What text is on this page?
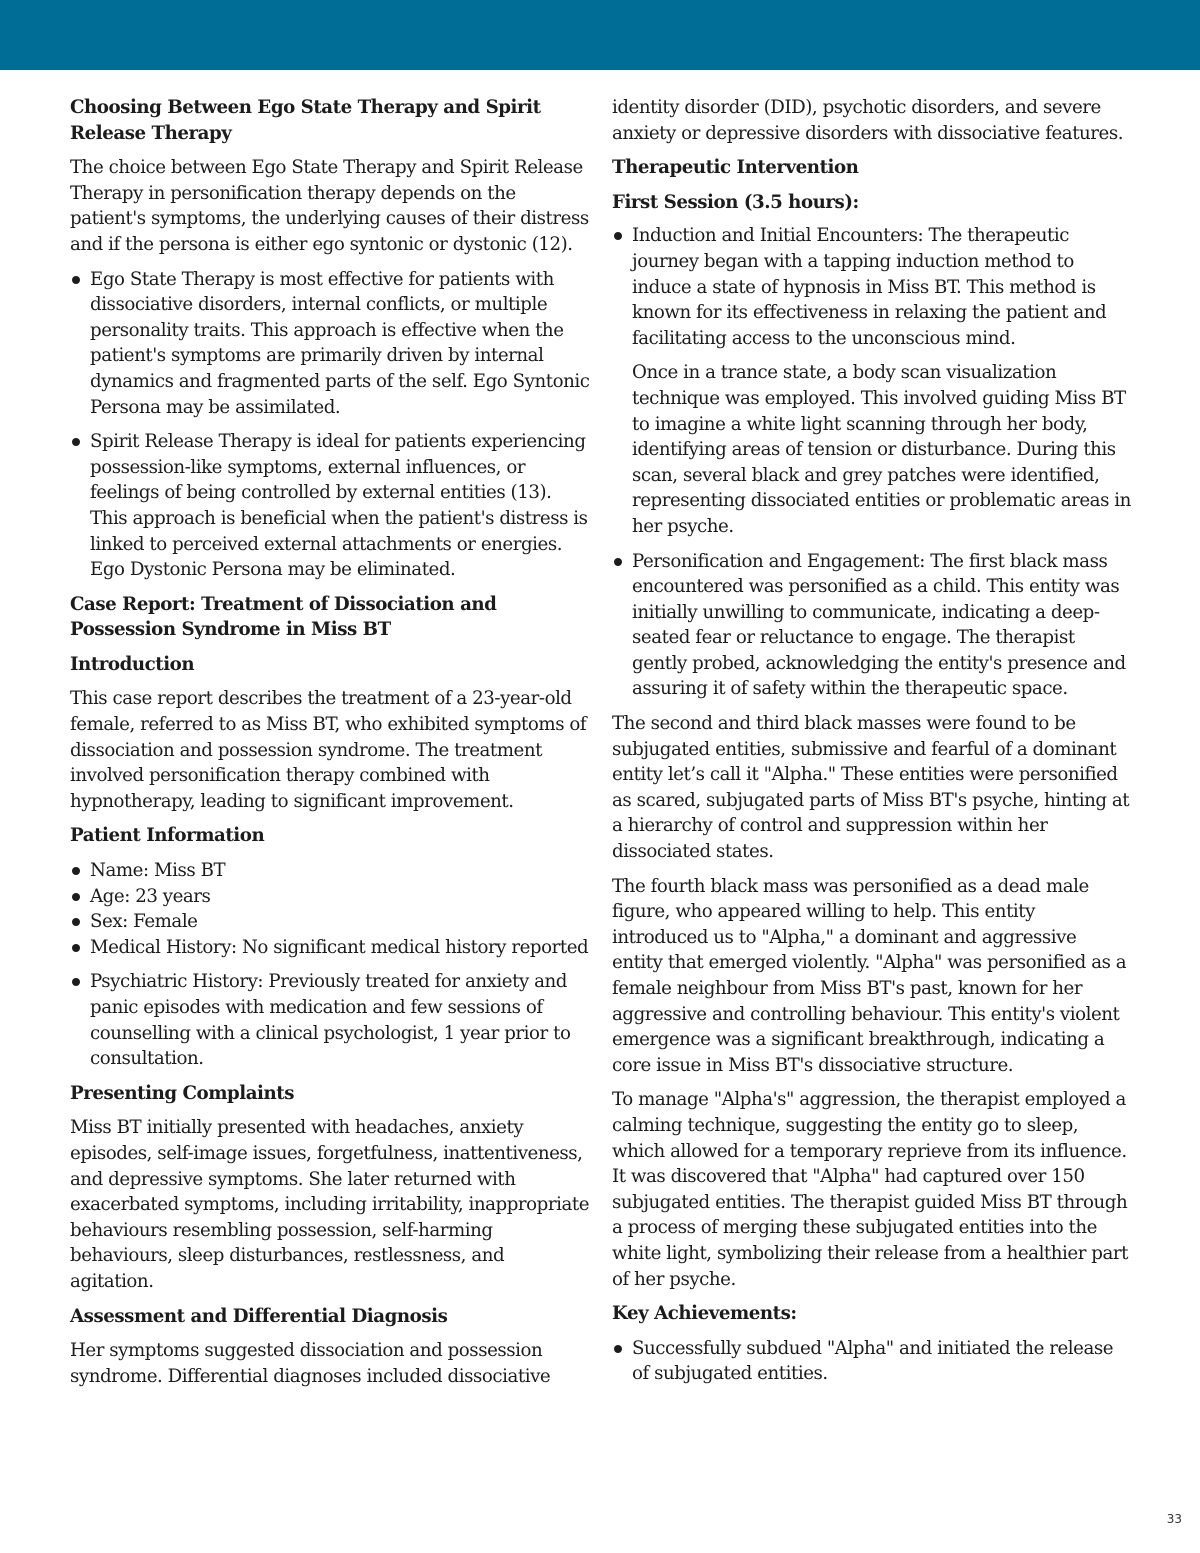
Choosing Between Ego State Therapy and Spirit Release Therapy

The choice between Ego State Therapy and Spirit Release Therapy in personification therapy depends on the patient's symptoms, the underlying causes of their distress and if the persona is either ego syntonic or dystonic (12).

Ego State Therapy is most effective for patients with dissociative disorders, internal conflicts, or multiple personality traits. This approach is effective when the patient's symptoms are primarily driven by internal dynamics and fragmented parts of the self. Ego Syntonic Persona may be assimilated.
Spirit Release Therapy is ideal for patients experiencing possession-like symptoms, external influences, or feelings of being controlled by external entities (13). This approach is beneficial when the patient's distress is linked to perceived external attachments or energies. Ego Dystonic Persona may be eliminated.
Case Report: Treatment of Dissociation and Possession Syndrome in Miss BT
Introduction

This case report describes the treatment of a 23-year-old female, referred to as Miss BT, who exhibited symptoms of dissociation and possession syndrome. The treatment involved personification therapy combined with hypnotherapy, leading to significant improvement.

Patient Information
Name: Miss BT
Age: 23 years
Sex: Female
Medical History: No significant medical history reported
Psychiatric History: Previously treated for anxiety and panic episodes with medication and few sessions of counselling with a clinical psychologist, 1 year prior to consultation.
Presenting Complaints

Miss BT initially presented with headaches, anxiety episodes, self-image issues, forgetfulness, inattentiveness, and depressive symptoms. She later returned with exacerbated symptoms, including irritability, inappropriate behaviours resembling possession, self-harming behaviours, sleep disturbances, restlessness, and agitation.

Assessment and Differential Diagnosis

Her symptoms suggested dissociation and possession syndrome. Differential diagnoses included dissociative

identity disorder (DID), psychotic disorders, and severe anxiety or depressive disorders with dissociative features.

Therapeutic Intervention
First Session (3.5 hours):
Induction and Initial Encounters: The therapeutic journey began with a tapping induction method to induce a state of hypnosis in Miss BT. This method is known for its effectiveness in relaxing the patient and facilitating access to the unconscious mind.

Once in a trance state, a body scan visualization technique was employed. This involved guiding Miss BT to imagine a white light scanning through her body, identifying areas of tension or disturbance. During this scan, several black and grey patches were identified, representing dissociated entities or problematic areas in her psyche.

Personification and Engagement: The first black mass encountered was personified as a child. This entity was initially unwilling to communicate, indicating a deep-seated fear or reluctance to engage. The therapist gently probed, acknowledging the entity's presence and assuring it of safety within the therapeutic space.

The second and third black masses were found to be subjugated entities, submissive and fearful of a dominant entity let’s call it "Alpha." These entities were personified as scared, subjugated parts of Miss BT's psyche, hinting at a hierarchy of control and suppression within her dissociated states.

The fourth black mass was personified as a dead male figure, who appeared willing to help. This entity introduced us to "Alpha," a dominant and aggressive entity that emerged violently. "Alpha" was personified as a female neighbour from Miss BT's past, known for her aggressive and controlling behaviour. This entity's violent emergence was a significant breakthrough, indicating a core issue in Miss BT's dissociative structure.

To manage "Alpha's" aggression, the therapist employed a calming technique, suggesting the entity go to sleep, which allowed for a temporary reprieve from its influence. It was discovered that "Alpha" had captured over 150 subjugated entities. The therapist guided Miss BT through a process of merging these subjugated entities into the white light, symbolizing their release from a healthier part of her psyche.

Key Achievements:
Successfully subdued "Alpha" and initiated the release of subjugated entities.
33
